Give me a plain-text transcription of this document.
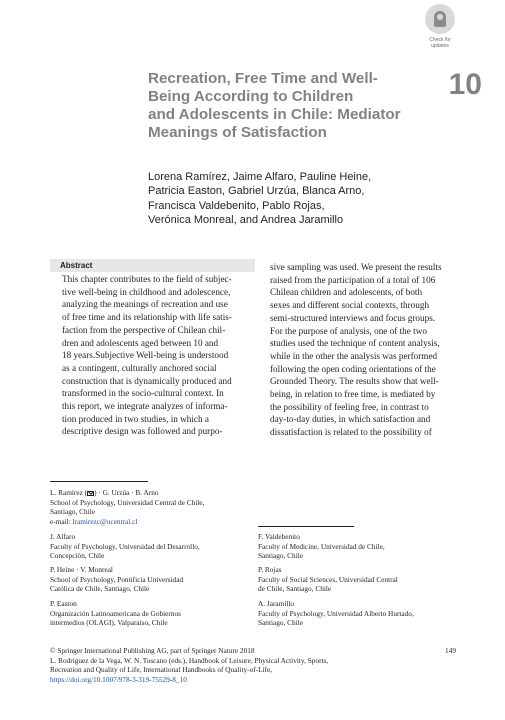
Check for
updates
Recreation, Free Time and Well-
Being According to Children
and Adolescents in Chile: Mediator
Meanings of Satisfaction
10
Lorena Ramírez, Jaime Alfaro, Pauline Heine,
Patricia Easton, Gabriel Urzúa, Blanca Arno,
Francisca Valdebenito, Pablo Rojas,
Verónica Monreal, and Andrea Jaramillo
Abstract
This chapter contributes to the field of subjec-
tive well-being in childhood and adolescence,
analyzing the meanings of recreation and use
of free time and its relationship with life satis-
faction from the perspective of Chilean chil-
dren and adolescents aged between 10 and
18 years.Subjective Well-being is understood
as a contingent, culturally anchored social
construction that is dynamically produced and
transformed in the socio-cultural context. In
this report, we integrate analyzes of informa-
tion produced in two studies, in which a
descriptive design was followed and purpo-
sive sampling was used. We present the results
raised from the participation of a total of 106
Chilean children and adolescents, of both
sexes and different social contexts, through
semi-structured interviews and focus groups.
For the purpose of analysis, one of the two
studies used the technique of content analysis,
while in the other the analysis was performed
following the open coding orientations of the
Grounded Theory. The results show that well-
being, in relation to free time, is mediated by
the possibility of feeling free, in contrast to
day-to-day duties, in which satisfaction and
dissatisfaction is related to the possibility of
L. Ramírez ( ) · G. Urzúa · B. Arno
School of Psychology, Universidad Central de Chile,
Santiago, Chile
e-mail: lramirezc@ucentral.cl
J. Alfaro
Faculty of Psychology, Universidad del Desarrollo,
Concepción, Chile
P. Heine · V. Monreal
School of Psychology, Pontificia Universidad
Católica de Chile, Santiago, Chile
P. Easton
Organización Latinoamericana de Gobiernos
intermedios (OLAGI), Valparaíso, Chile
F. Valdebenito
Faculty of Medicine, Universidad de Chile,
Santiago, Chile
P. Rojas
Faculty of Social Sciences, Universidad Central
de Chile, Santiago, Chile
A. Jaramillo
Faculty of Psychology, Universidad Alberto Hurtado,
Santiago, Chile
© Springer International Publishing AG, part of Springer Nature 2018
L. Rodriguez de la Vega, W. N. Toscano (eds.), Handbook of Leisure, Physical Activity, Sports,
Recreation and Quality of Life, International Handbooks of Quality-of-Life,
https://doi.org/10.1007/978-3-319-75529-8_10
149
